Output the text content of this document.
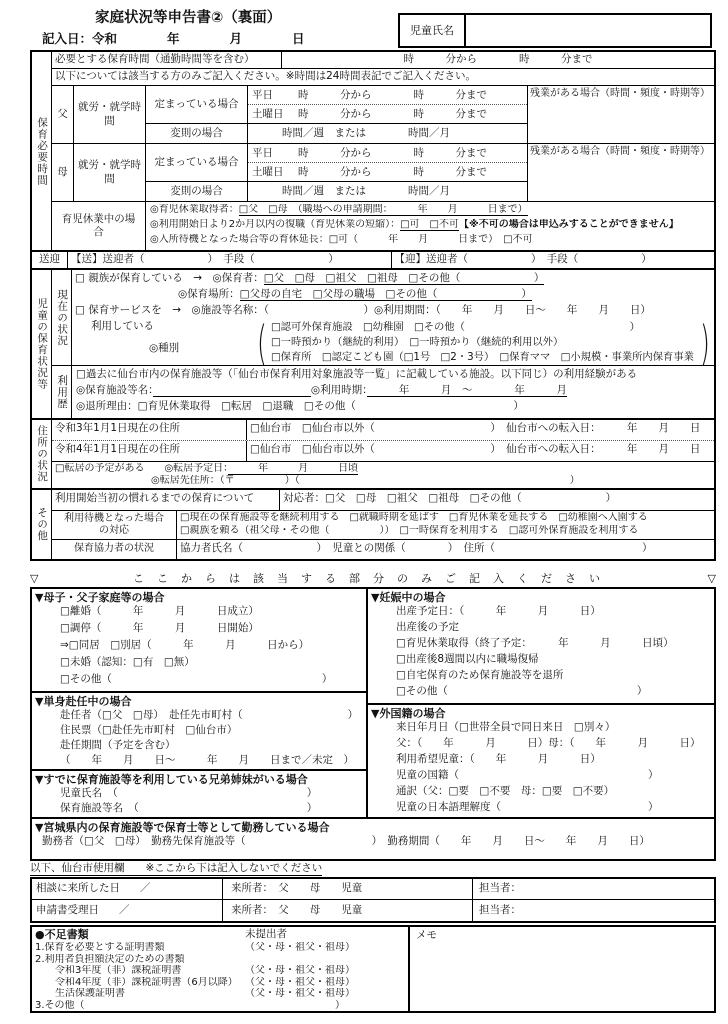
家庭状況等申告書②（裏面）
記入日：令和　　　　年　　　　月　　　　日
児童氏名
保育必要時間
必要とする保育時間（通勤時間等を含む）	時　　　分から　　　　時　　　分まで
以下については該当する方のみご記入ください。※時間は24時間表記でご記入ください。
父
就労・就学時間
定まっている場合
平日	時　　　分から　　　　時　　　分まで
土曜日	時　　　分から　　　　時　　　分まで
変則の場合	時間／週　または　　　　時間／月
残業がある場合（時間・頻度・時期等）
母
就労・就学時間
定まっている場合
平日	時　　　分から　　　　時　　　分まで
土曜日	時　　　分から　　　　時　　　分まで
変則の場合	時間／週　または　　　　時間／月
残業がある場合（時間・頻度・時期等）
育児休業中の場合
◎育児休業取得者：□父　□母　（職場への申請期間：　　　年　　月　　　日まで）
◎利用開始日より2か月以内の復職（育児休業の短縮）：□可　□不可【※不可の場合は申込みすることができません】
◎入所待機となった場合等の育休延長：□可（　　　年　　月　　　日まで）　□不可
送迎	【送】送迎者（　　　　　　）　手段（　　　　　　　）	【迎】送迎者（　　　　　　）　手段（　　　　　　）
児童の保育状況等 現在の状況
□ 親族が保育している　→　◎保育者：□父　□母　□祖父　□祖母　□その他（　　　　　　　）
◎保育場所：□父母の自宅　□父母の職場　□その他（　　　　　　　　）
□ 保育サービスを　→　◎施設等名称：（　　　　　　　　　）◎利用期間：（　　年　　月　　日～　　年　　月　　日）
利用している
◎種別	( □認可外保育施設　□幼稚園　□その他（　　　　　　　　　　　　　　　　）
□一時預かり（継続的利用）　□一時預かり（継続的利用以外）
□保育所　□認定こども園（□1号　□2・3号）　□保育ママ　□小規模・事業所内保育事業 )
利用歴
□過去に仙台市内の保育施設等（「仙台市保育利用対象施設等一覧」に記載している施設。以下同じ）の利用経験がある
◎保育施設等名：　　　　　　　　　　　　　　　	◎利用時期：　　　年　　　月　～　　　　年　　　月
◎退所理由：□育児休業取得　□転居　□退職　□その他（　　　　　　　　　　　　　　　）
住所の状況 令和3年1月1日現在の住所	□仙台市　□仙台市以外（　　　　　　　　　　　）　仙台市への転入日：　　　年　　月　　日
令和4年1月1日現在の住所	□仙台市　□仙台市以外（　　　　　　　　　　　）　仙台市への転入日：　　　年　　月　　日
□転居の予定がある　　◎転居予定日：　　　年　　　月　　　日頃
◎転居先住所：（〒　　　　　）（　　　　　　　　　　　　　　　　　　　　　　　　　　　）
その他
利用開始当初の慣れるまでの保育について	対応者：□父　□母　□祖父　□祖母　□その他（　　　　　　　　）
利用待機となった場合の対応
□現在の保育施設等を継続利用する　□就職時期を延ばす　□育児休業を延長する　□幼稚園へ入園する
□親族を頼る（祖父母・その他（　　　　　））　□一時保育を利用する　□認可外保育施設を利用する
保育協力者の状況	協力者氏名（　　　　　　　）　児童との関係（　　　　）　住所（　　　　　　　　　　　　　　）
▽	ここからは該当する部分のみご記入ください	▽
▼母子・父子家庭等の場合
□離婚（　　　年　　　月　　　日成立）
□調停（　　　年　　　月　　　日開始）
⇒□同居　□別居（　　　年　　　月　　　日から）
□未婚（認知：□有　□無）
□その他（　　　　　　　　　　　　　　　　　　　　）
▼単身赴任中の場合
赴任者（□父　□母）　赴任先市町村（　　　　　　　　　　）
住民票（□赴任先市町村　□仙台市）
赴任期間（予定を含む）
（　　年　　月　　日～　　　年　　月　　日まで／未定　）
▼すでに保育施設等を利用している兄弟姉妹がいる場合
児童氏名　（　　　　　　　　　　　　　　　　　　）
保育施設等名　（　　　　　　　　　　　　　　　　）
▼妊娠中の場合
出産予定日：（　　　年　　　月　　　日）
出産後の予定
□育児休業取得（終了予定：　　　年　　　月　　　日頃）
□出産後8週間以内に職場復帰
□自宅保育のため保育施設等を退所
□その他（　　　　　　　　　　　　　　　　　　）
▼外国籍の場合
来日年月日（□世帯全員で同日来日　□別々）
父：（　　年　　　月　　　日）母：（　　年　　　月　　　日）
利用希望児童：（　　年　　　月　　　日）
児童の国籍（　　　　　　　　　　　　　　　　　　）
通訳（父：□要　□不要　母：□要　□不要）
児童の日本語理解度（　　　　　　　　　　　　　　）
▼宮城県内の保育施設等で保育士等として勤務している場合
勤務者（□父　□母）　勤務先保育施設等（　　　　　　　　　　　　）　勤務期間（　　年　　月　　日～　　年　　月　　日）
以下、仙台市使用欄　　※ここから下は記入しないでください
相談に来所した日 ／	来所者：　父　　母　　児童	担当者：
申請書受理日 ／	来所者：　父　　母　　児童	担当者：
●不足書類	未提出者
1.保育を必要とする証明書類	（父・母・祖父・祖母）
2.利用者負担額決定のための書類
　　令和3年度（非）課税証明書	（父・母・祖父・祖母）
　　令和4年度（非）課税証明書（6月以降） （父・母・祖父・祖母）
　　生活保護証明書	（父・母・祖父・祖母）
3.その他（	　　　　　　　　　）
メモ
